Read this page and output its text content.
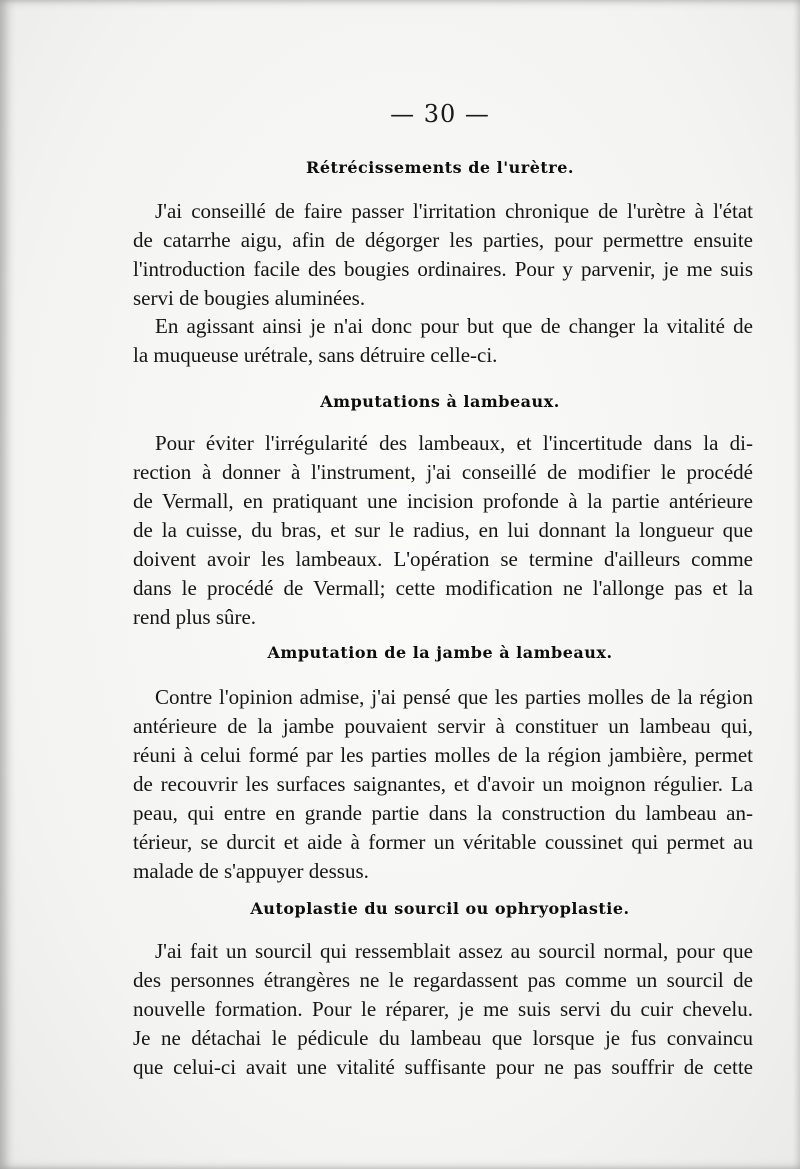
— 30 —
Rétrécissements de l'urètre.
J'ai conseillé de faire passer l'irritation chronique de l'urètre à l'état
de catarrhe aigu, afin de dégorger les parties, pour permettre ensuite
l'introduction facile des bougies ordinaires. Pour y parvenir, je me suis
servi de bougies aluminées.
En agissant ainsi je n'ai donc pour but que de changer la vitalité de
la muqueuse urétrale, sans détruire celle-ci.
Amputations à lambeaux.
Pour éviter l'irrégularité des lambeaux, et l'incertitude dans la di-
rection à donner à l'instrument, j'ai conseillé de modifier le procédé
de Vermall, en pratiquant une incision profonde à la partie antérieure
de la cuisse, du bras, et sur le radius, en lui donnant la longueur que
doivent avoir les lambeaux. L'opération se termine d'ailleurs comme
dans le procédé de Vermall; cette modification ne l'allonge pas et la
rend plus sûre.
Amputation de la jambe à lambeaux.
Contre l'opinion admise, j'ai pensé que les parties molles de la région
antérieure de la jambe pouvaient servir à constituer un lambeau qui,
réuni à celui formé par les parties molles de la région jambière, permet
de recouvrir les surfaces saignantes, et d'avoir un moignon régulier. La
peau, qui entre en grande partie dans la construction du lambeau an-
térieur, se durcit et aide à former un véritable coussinet qui permet au
malade de s'appuyer dessus.
Autoplastie du sourcil ou ophryoplastie.
J'ai fait un sourcil qui ressemblait assez au sourcil normal, pour que
des personnes étrangères ne le regardassent pas comme un sourcil de
nouvelle formation. Pour le réparer, je me suis servi du cuir chevelu.
Je ne détachai le pédicule du lambeau que lorsque je fus convaincu
que celui-ci avait une vitalité suffisante pour ne pas souffrir de cette
